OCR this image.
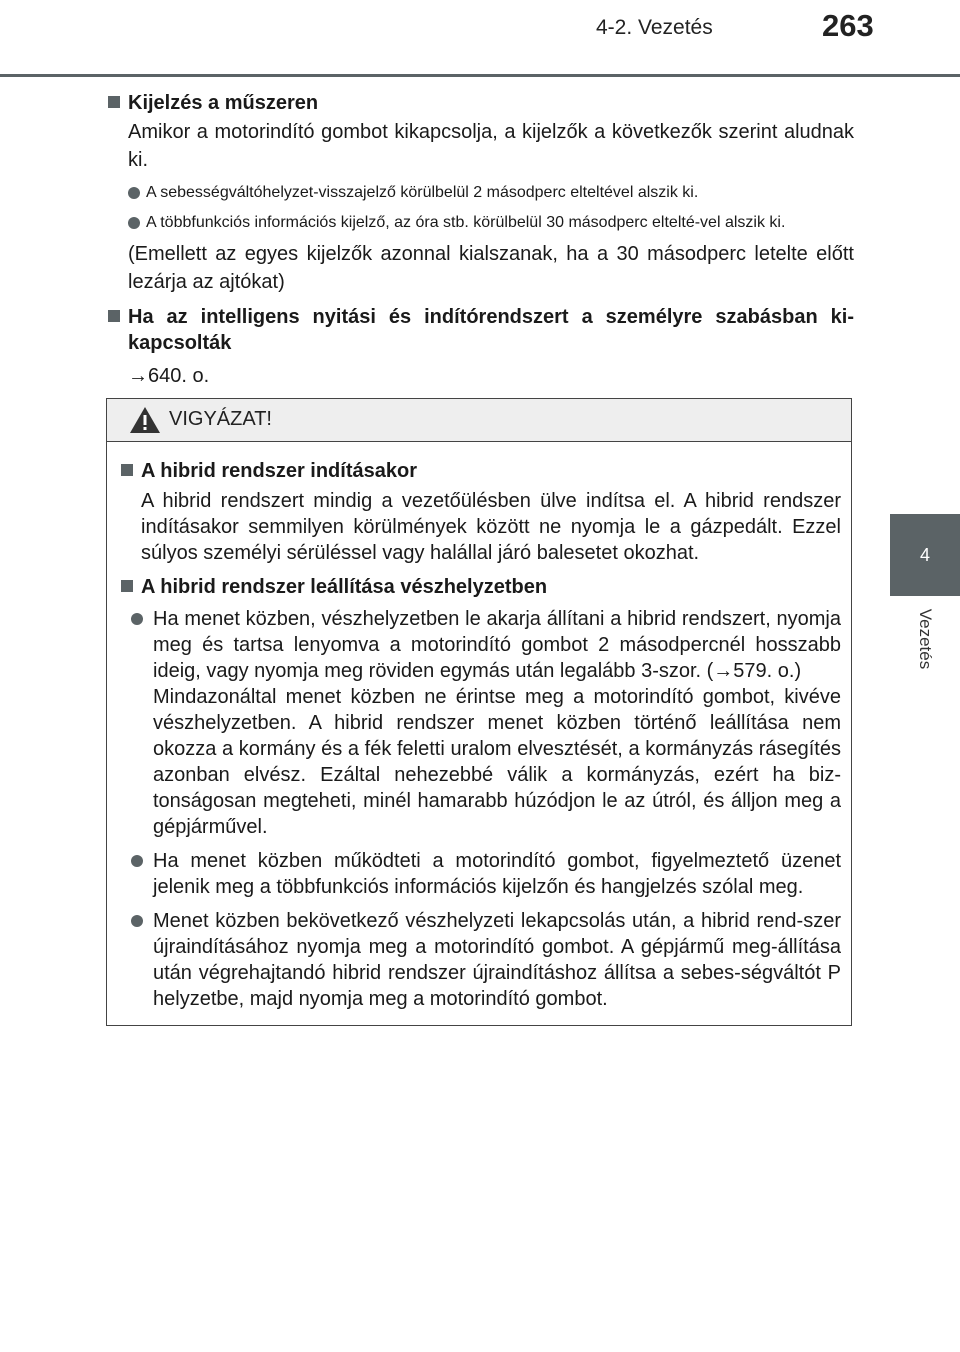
4-2. Vezetés	263
4
Vezetés
Kijelzés a műszeren
Amikor a motorindító gombot kikapcsolja, a kijelzők a következők szerint aludnak ki.
A sebességváltóhelyzet-visszajelző körülbelül 2 másodperc elteltével alszik ki.
A többfunkciós információs kijelző, az óra stb. körülbelül 30 másodperc eltelté-vel alszik ki.
(Emellett az egyes kijelzők azonnal kialszanak, ha a 30 másodperc letelte előtt lezárja az ajtókat)
Ha az intelligens nyitási és indítórendszert a személyre szabásban ki-kapcsolták
→640. o.
VIGYÁZAT!
A hibrid rendszer indításakor
A hibrid rendszert mindig a vezetőülésben ülve indítsa el. A hibrid rendszer indításakor semmilyen körülmények között ne nyomja le a gázpedált. Ezzel súlyos személyi sérüléssel vagy halállal járó balesetet okozhat.
A hibrid rendszer leállítása vészhelyzetben
Ha menet közben, vészhelyzetben le akarja állítani a hibrid rendszert, nyomja meg és tartsa lenyomva a motorindító gombot 2 másodpercnél hosszabb ideig, vagy nyomja meg röviden egymás után legalább 3-szor. (→579. o.)
Mindazonáltal menet közben ne érintse meg a motorindító gombot, kivéve vészhelyzetben. A hibrid rendszer menet közben történő leállítása nem okozza a kormány és a fék feletti uralom elvesztését, a kormányzás rásegítés azonban elvész. Ezáltal nehezebbé válik a kormányzás, ezért ha biz-tonságosan megteheti, minél hamarabb húzódjon le az útról, és álljon meg a gépjárművel.
Ha menet közben működteti a motorindító gombot, figyelmeztető üzenet jelenik meg a többfunkciós információs kijelzőn és hangjelzés szólal meg.
Menet közben bekövetkező vészhelyzeti lekapcsolás után, a hibrid rend-szer újraindításához nyomja meg a motorindító gombot. A gépjármű meg-állítása után végrehajtandó hibrid rendszer újraindításhoz állítsa a sebes-ségváltót P helyzetbe, majd nyomja meg a motorindító gombot.
